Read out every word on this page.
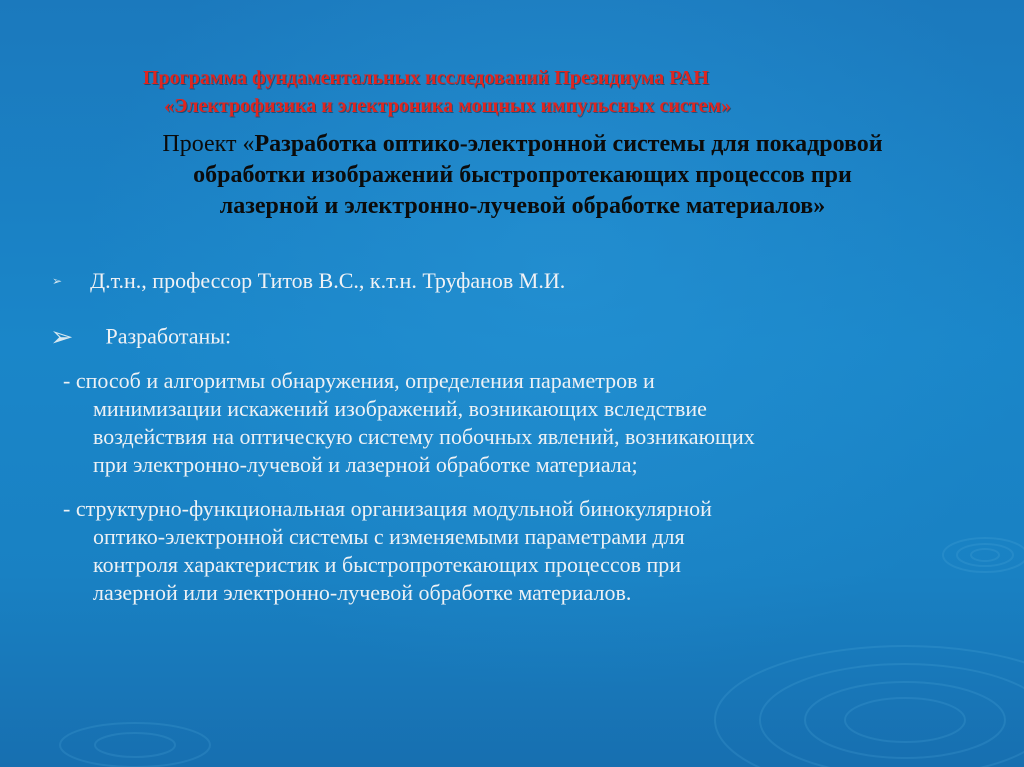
Программа фундаментальных исследований Президиума РАН
«Электрофизика и электроника мощных импульсных систем»
Проект «Разработка оптико-электронной системы для покадровой
обработки изображений быстропротекающих процессов при
лазерной и электронно-лучевой обработке материалов»
➢ Д.т.н., профессор Титов В.С., к.т.н. Труфанов М.И.
➢ Разработаны:
- способ и алгоритмы обнаружения, определения параметров и
минимизации искажений изображений, возникающих вследствие
воздействия на оптическую систему побочных явлений, возникающих
при электронно-лучевой и лазерной обработке материала;
- структурно-функциональная организация модульной бинокулярной
оптико-электронной системы с изменяемыми параметрами для
контроля характеристик и быстропротекающих процессов при
лазерной или электронно-лучевой обработке материалов.
